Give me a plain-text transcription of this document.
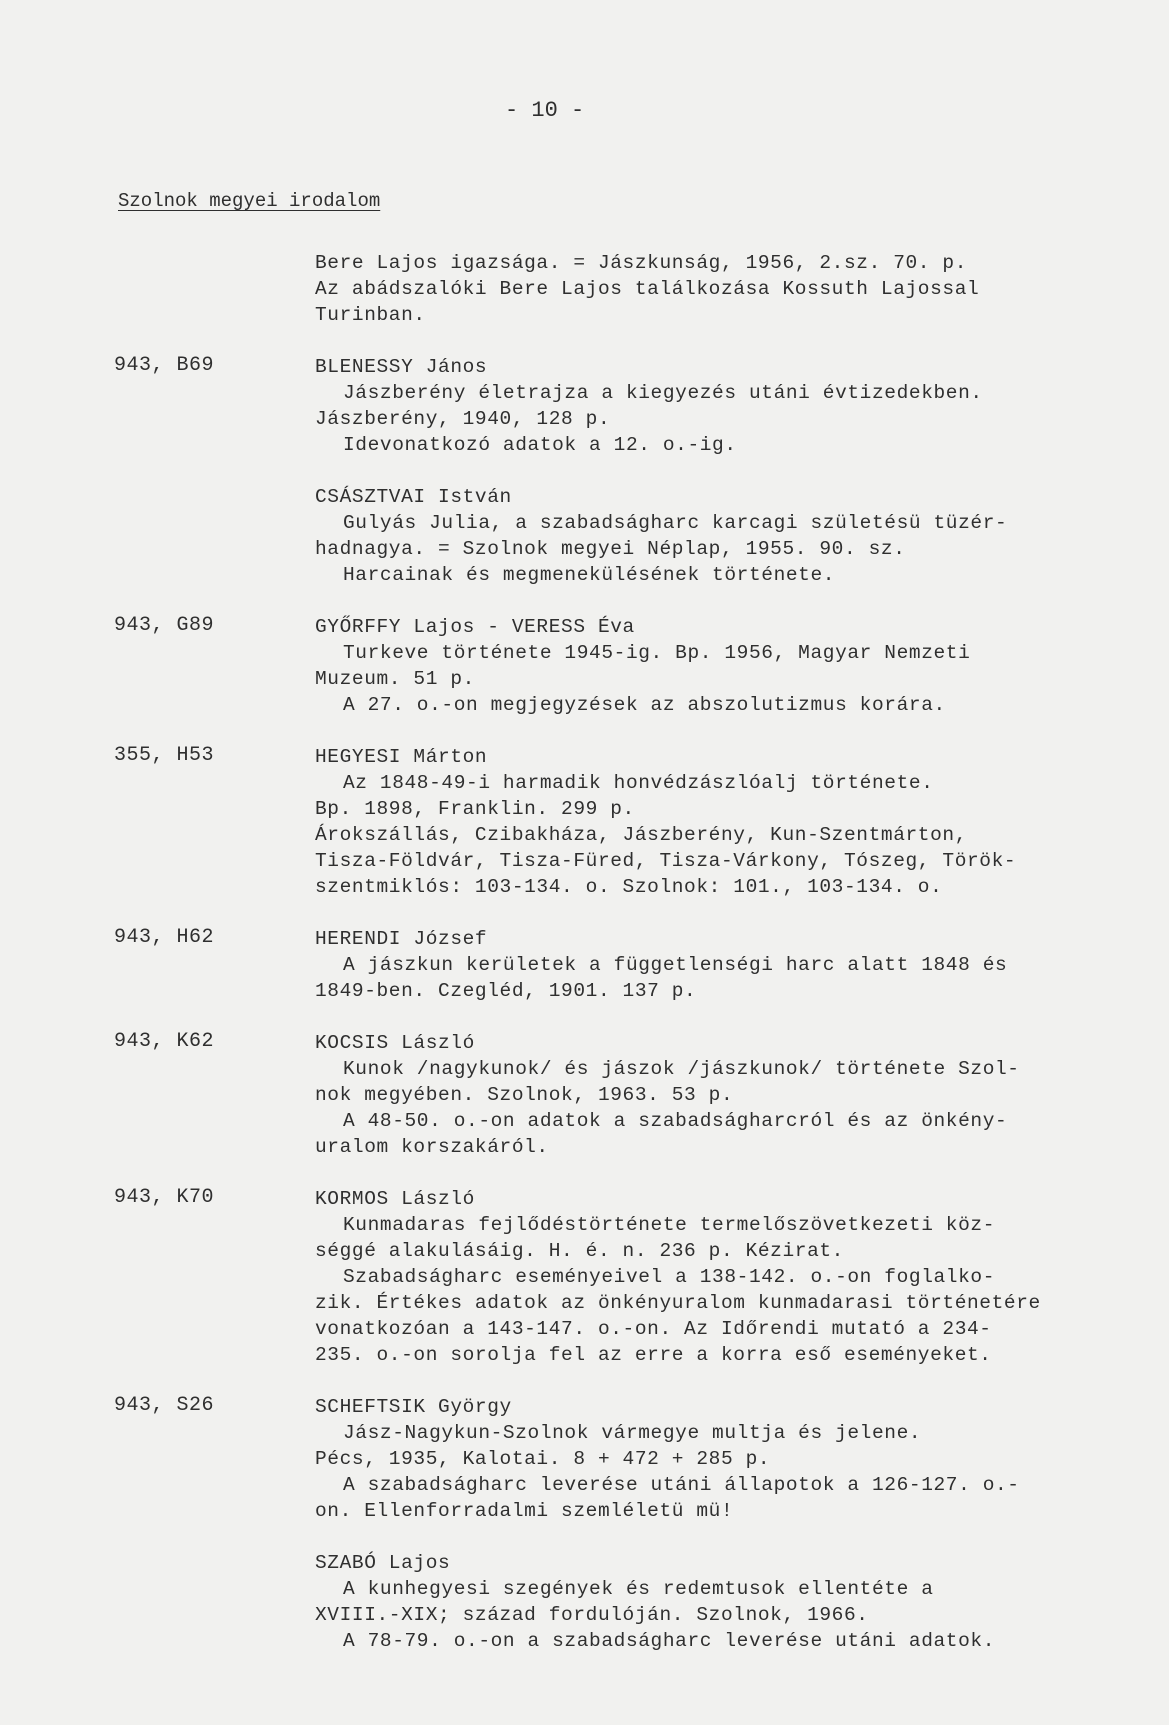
- 10 -
Szolnok megyei irodalom
Bere Lajos igazsága. = Jászkunság, 1956, 2.sz. 70. p.
Az abádszalóki Bere Lajos találkozása Kossuth Lajossal
Turinban.
943, B69	BLENESSY János
Jászberény életrajza a kiegyezés utáni évtizedekben.
Jászberény, 1940, 128 p.
Idevonatkozó adatok a 12. o.-ig.
CSÁSZTVAI István
Gulyás Julia, a szabadságharc karcagi születésü tüzér-
hadnagya. = Szolnok megyei Néplap, 1955. 90. sz.
Harcainak és megmenekülésének története.
943, G89	GYŐRFFY Lajos - VERESS Éva
Turkeve története 1945-ig. Bp. 1956, Magyar Nemzeti
Muzeum. 51 p.
A 27. o.-on megjegyzések az abszolutizmus korára.
355, H53	HEGYESI Márton
Az 1848-49-i harmadik honvédzászlóalj története.
Bp. 1898, Franklin. 299 p.
Árokszállás, Czibakháza, Jászberény, Kun-Szentmárton,
Tisza-Földvár, Tisza-Füred, Tisza-Várkony, Tószeg, Török-
szentmiklós: 103-134. o. Szolnok: 101., 103-134. o.
943, H62	HERENDI József
A jászkun kerületek a függetlenségi harc alatt 1848 és
1849-ben. Czegléd, 1901. 137 p.
943, K62	KOCSIS László
Kunok /nagykunok/ és jászok /jászkunok/ története Szol-
nok megyében. Szolnok, 1963. 53 p.
A 48-50. o.-on adatok a szabadságharcról és az önkény-
uralom korszakáról.
943, K70	KORMOS László
Kunmadaras fejlődéstörténete termelőszövetkezeti köz-
séggé alakulásáig. H. é. n. 236 p. Kézirat.
Szabadságharc eseményeivel a 138-142. o.-on foglalko-
zik. Értékes adatok az önkényuralom kunmadarasi történetére
vonatkozóan a 143-147. o.-on. Az Időrendi mutató a 234-
235. o.-on sorolja fel az erre a korra eső eseményeket.
943, S26	SCHEFTSIK György
Jász-Nagykun-Szolnok vármegye multja és jelene.
Pécs, 1935, Kalotai. 8 + 472 + 285 p.
A szabadságharc leverése utáni állapotok a 126-127. o.-
on. Ellenforradalmi szemléletü mü!
SZABÓ Lajos
A kunhegyesi szegények és redemtusok ellentéte a
XVIII.-XIX; század fordulóján. Szolnok, 1966.
A 78-79. o.-on a szabadságharc leverése utáni adatok.
